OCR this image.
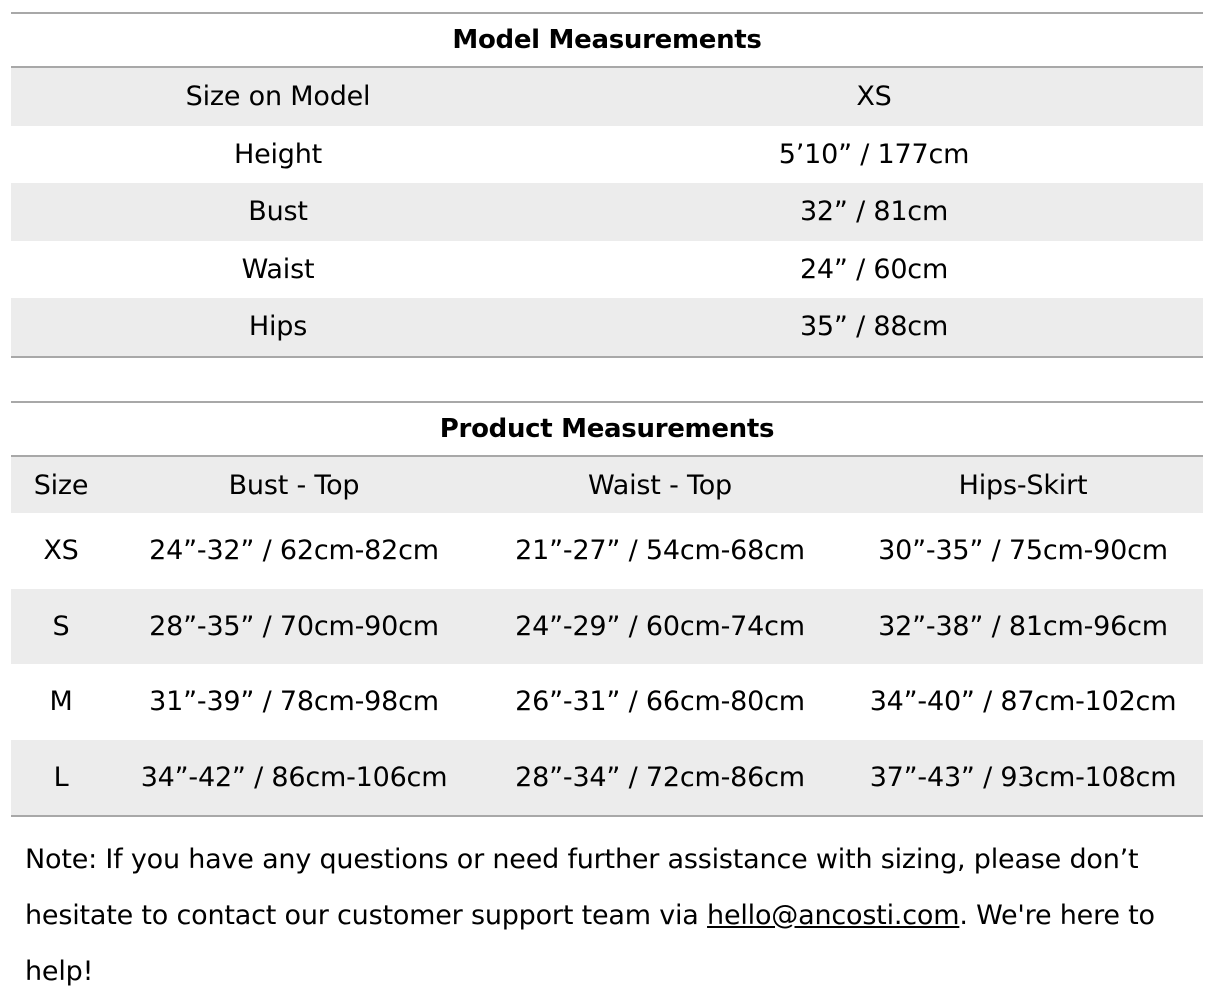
Model Measurements
Size on Model	XS
Height	5’10” / 177cm
Bust	32” / 81cm
Waist	24” / 60cm
Hips	35” / 88cm
Product Measurements
Size	Bust - Top	Waist - Top	Hips-Skirt
XS	24”-32” / 62cm-82cm	21”-27” / 54cm-68cm	30”-35” / 75cm-90cm
S	28”-35” / 70cm-90cm	24”-29” / 60cm-74cm	32”-38” / 81cm-96cm
M	31”-39” / 78cm-98cm	26”-31” / 66cm-80cm	34”-40” / 87cm-102cm
L	34”-42” / 86cm-106cm	28”-34” / 72cm-86cm	37”-43” / 93cm-108cm
Note: If you have any questions or need further assistance with sizing, please don’t
hesitate to contact our customer support team via hello@ancosti.com. We're here to help!
